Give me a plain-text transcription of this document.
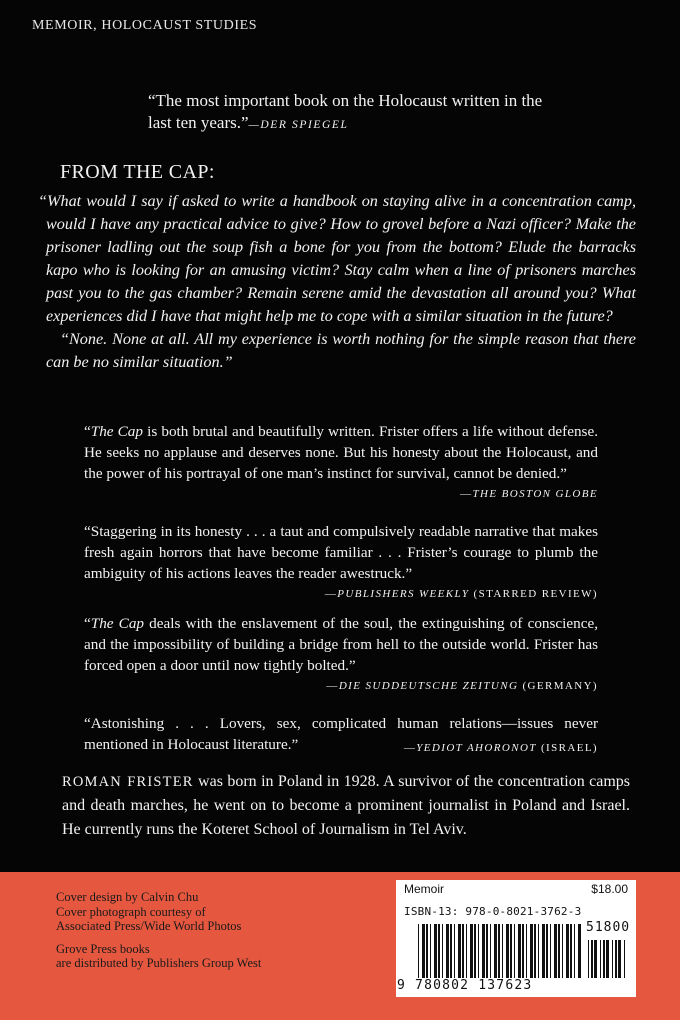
MEMOIR, HOLOCAUST STUDIES
“The most important book on the Holocaust written in the last ten years.”—DER SPIEGEL
FROM THE CAP:

“What would I say if asked to write a handbook on staying alive in a concentration camp, would I have any practical advice to give? How to grovel before a Nazi officer? Make the prisoner ladling out the soup fish a bone for you from the bottom? Elude the barracks kapo who is looking for an amusing victim? Stay calm when a line of prisoners marches past you to the gas chamber? Remain serene amid the devastation all around you? What experiences did I have that might help me to cope with a similar situation in the future?

“None. None at all. All my experience is worth nothing for the simple reason that there can be no similar situation.”

“The Cap is both brutal and beautifully written. Frister offers a life without defense. He seeks no applause and deserves none. But his honesty about the Holocaust, and the power of his portrayal of one man’s instinct for survival, cannot be denied.”

—THE BOSTON GLOBE

“Staggering in its honesty . . . a taut and compulsively readable narrative that makes fresh again horrors that have become familiar . . . Frister’s courage to plumb the ambiguity of his actions leaves the reader awestruck.”

—PUBLISHERS WEEKLY (STARRED REVIEW)

“The Cap deals with the enslavement of the soul, the extinguishing of conscience, and the impossibility of building a bridge from hell to the outside world. Frister has forced open a door until now tightly bolted.”

—DIE SUDDEUTSCHE ZEITUNG (GERMANY)

“Astonishing . . . Lovers, sex, complicated human relations—issues never mentioned in Holocaust literature.”	—YEDIOT AHORONOT (ISRAEL)

ROMAN FRISTER was born in Poland in 1928. A survivor of the concentration camps and death marches, he went on to become a prominent journalist in Poland and Israel. He currently runs the Koteret School of Journalism in Tel Aviv.
Cover design by Calvin Chu
Cover photograph courtesy of
Associated Press/Wide World Photos
Grove Press books
are distributed by Publishers Group West
Memoir	$18.00
ISBN-13: 978-0-8021-3762-3
51800
9 780802 137623
